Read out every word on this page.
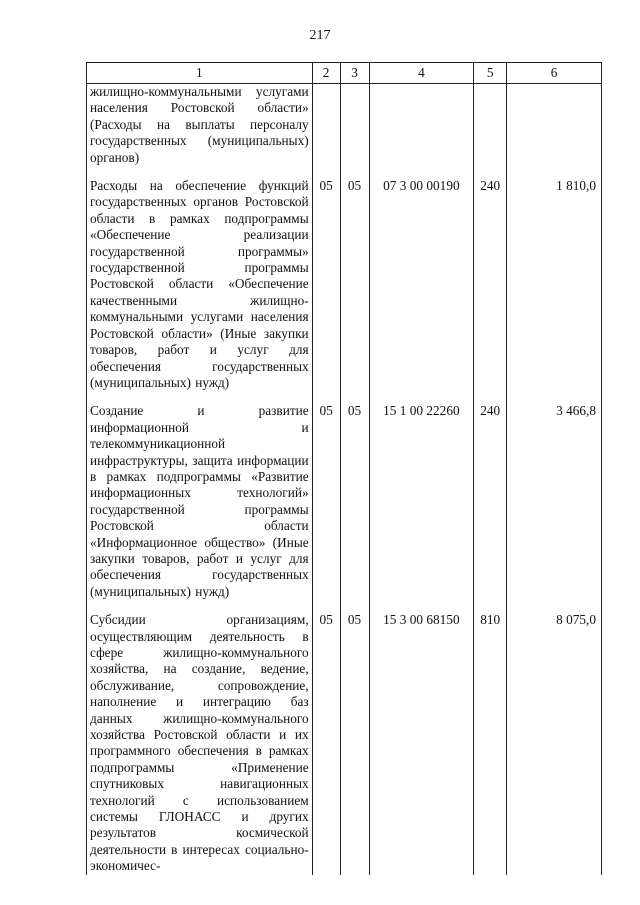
217
1	2	3	4	5	6

жилищно-коммунальными услугами населения Ростовской области» (Расходы на выплаты персоналу государственных (муниципальных) органов)					

Расходы на обеспечение функций государственных органов Ростовской области в рамках подпрограммы «Обеспечение реализации государственной программы» государственной программы Ростовской области «Обеспечение качественными жилищно-коммунальными услугами населения Ростовской области» (Иные закупки товаров, работ и услуг для обеспечения государственных (муниципальных) нужд)	05	05	07 3 00 00190	240	1 810,0

Создание и развитие информационной и телекоммуникационной инфраструктуры, защита информации в рамках подпрограммы «Развитие информационных технологий» государственной программы Ростовской области «Информационное общество» (Иные закупки товаров, работ и услуг для обеспечения государственных (муниципальных) нужд)	05	05	15 1 00 22260	240	3 466,8

Субсидии организациям, осуществляющим деятельность в сфере жилищно-коммунального хозяйства, на создание, ведение, обслуживание, сопровождение, наполнение и интеграцию баз данных жилищно-коммунального хозяйства Ростовской области и их программного обеспечения в рамках подпрограммы «Применение спутниковых навигационных технологий с использованием системы ГЛОНАСС и других результатов космической деятельности в интересах социально-экономичес-	05	05	15 3 00 68150	810	8 075,0
